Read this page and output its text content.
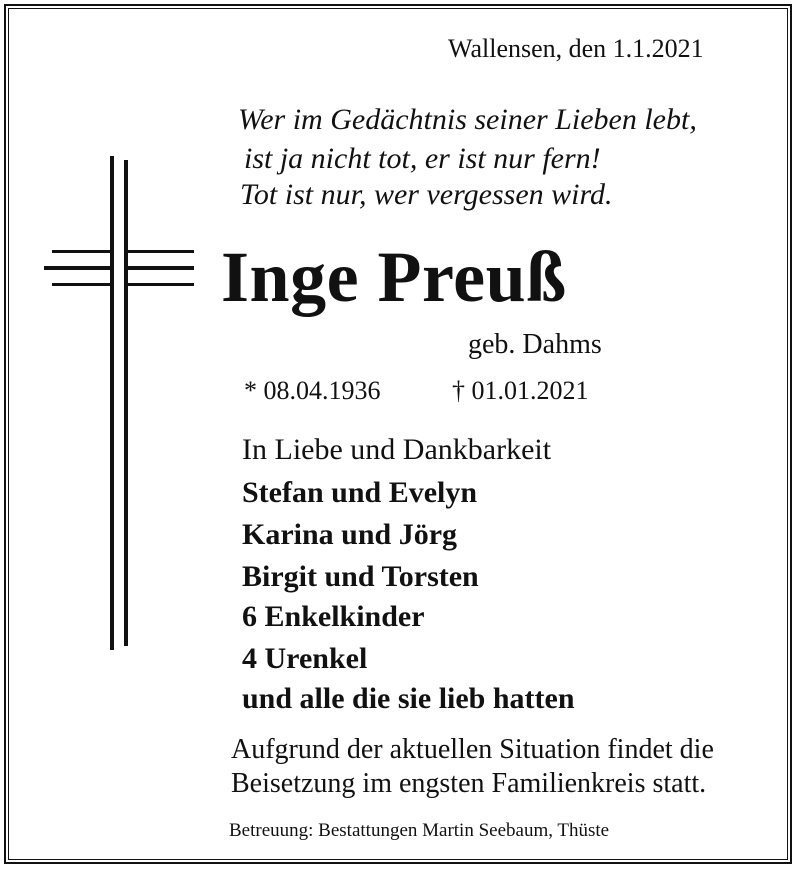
Wallensen, den 1.1.2021
Wer im Gedächtnis seiner Lieben lebt,
ist ja nicht tot, er ist nur fern!
Tot ist nur, wer vergessen wird.
Inge Preuß
geb. Dahms
* 08.04.1936	† 01.01.2021
In Liebe und Dankbarkeit
Stefan und Evelyn
Karina und Jörg
Birgit und Torsten
6 Enkelkinder
4 Urenkel
und alle die sie lieb hatten
Aufgrund der aktuellen Situation findet die
Beisetzung im engsten Familienkreis statt.
Betreuung: Bestattungen Martin Seebaum, Thüste
